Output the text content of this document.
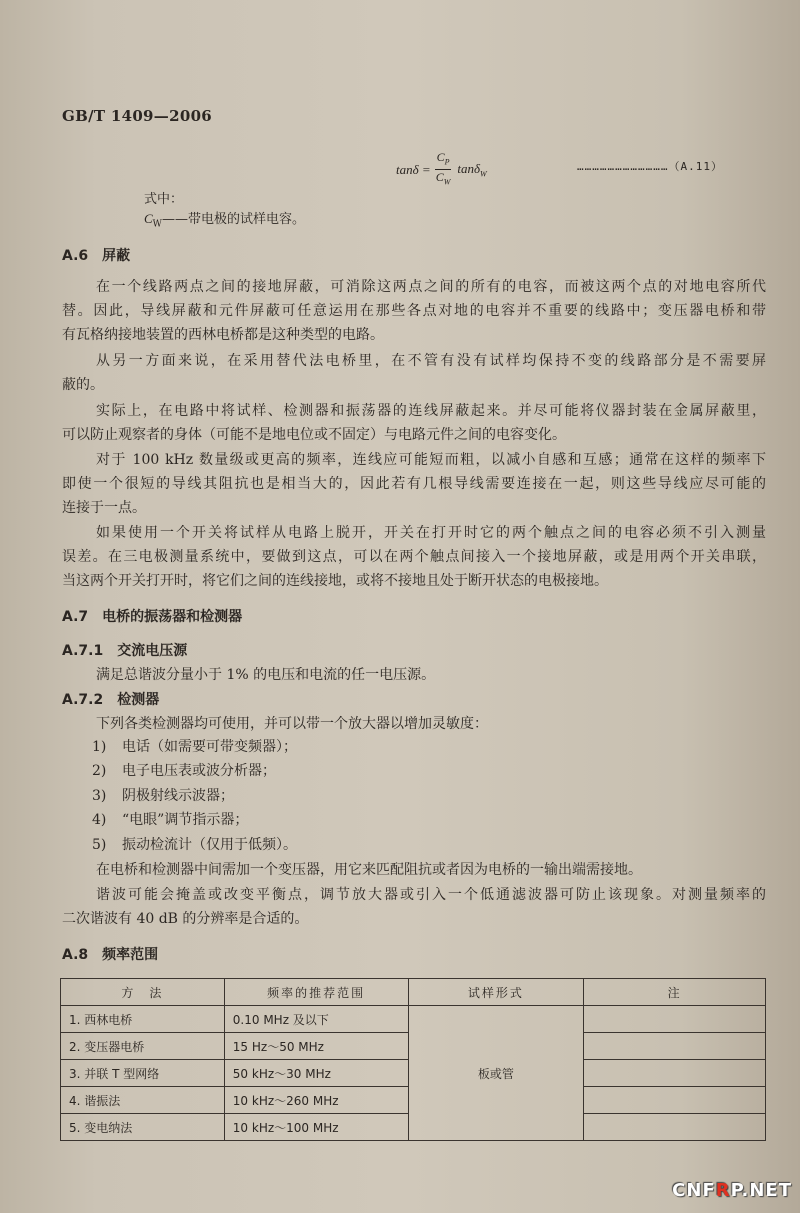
GB/T 1409—2006
$\tan\delta = \frac{C_P}{C_W} \tan\delta_W$
………………………………（A.11）
式中：
$C_W——$带电极的试样电容。
A.6 屏蔽
在一个线路两点之间的接地屏蔽，可消除这两点之间的所有的电容，而被这两个点的对地电容所代
替。因此，导线屏蔽和元件屏蔽可任意运用在那些各点对地的电容并不重要的线路中；变压器电桥和带
有瓦格纳接地装置的西林电桥都是这种类型的电路。
从另一方面来说，在采用替代法电桥里，在不管有没有试样均保持不变的线路部分是不需要屏
蔽的。
实际上，在电路中将试样、检测器和振荡器的连线屏蔽起来。并尽可能将仪器封装在金属屏蔽里，
可以防止观察者的身体（可能不是地电位或不固定）与电路元件之间的电容变化。
对于 100 kHz 数量级或更高的频率，连线应可能短而粗，以减小自感和互感；通常在这样的频率下
即使一个很短的导线其阻抗也是相当大的，因此若有几根导线需要连接在一起，则这些导线应尽可能的
连接于一点。
如果使用一个开关将试样从电路上脱开，开关在打开时它的两个触点之间的电容必须不引入测量
误差。在三电极测量系统中，要做到这点，可以在两个触点间接入一个接地屏蔽，或是用两个开关串联，
当这两个开关打开时，将它们之间的连线接地，或将不接地且处于断开状态的电极接地。
A.7 电桥的振荡器和检测器
A.7.1 交流电压源
满足总谐波分量小于 1% 的电压和电流的任一电压源。
A.7.2 检测器
下列各类检测器均可使用，并可以带一个放大器以增加灵敏度：
1) 电话（如需要可带变频器）；
2) 电子电压表或波分析器；
3) 阴极射线示波器；
4) “电眼”调节指示器；
5) 振动检流计（仅用于低频）。
在电桥和检测器中间需加一个变压器，用它来匹配阻抗或者因为电桥的一输出端需接地。
谐波可能会掩盖或改变平衡点，调节放大器或引入一个低通滤波器可防止该现象。对测量频率的
二次谐波有 40 dB 的分辨率是合适的。
A.8 频率范围
方　法	频率的推荐范围	试样形式	注
1. 西林电桥	0.10 MHz 及以下	板或管	
2. 变压器电桥	15 Hz～50 MHz		
3. 并联 T 型网络	50 kHz～30 MHz		
4. 谐振法	10 kHz～260 MHz		
5. 变电纳法	10 kHz～100 MHz		
CNFRP.NET
